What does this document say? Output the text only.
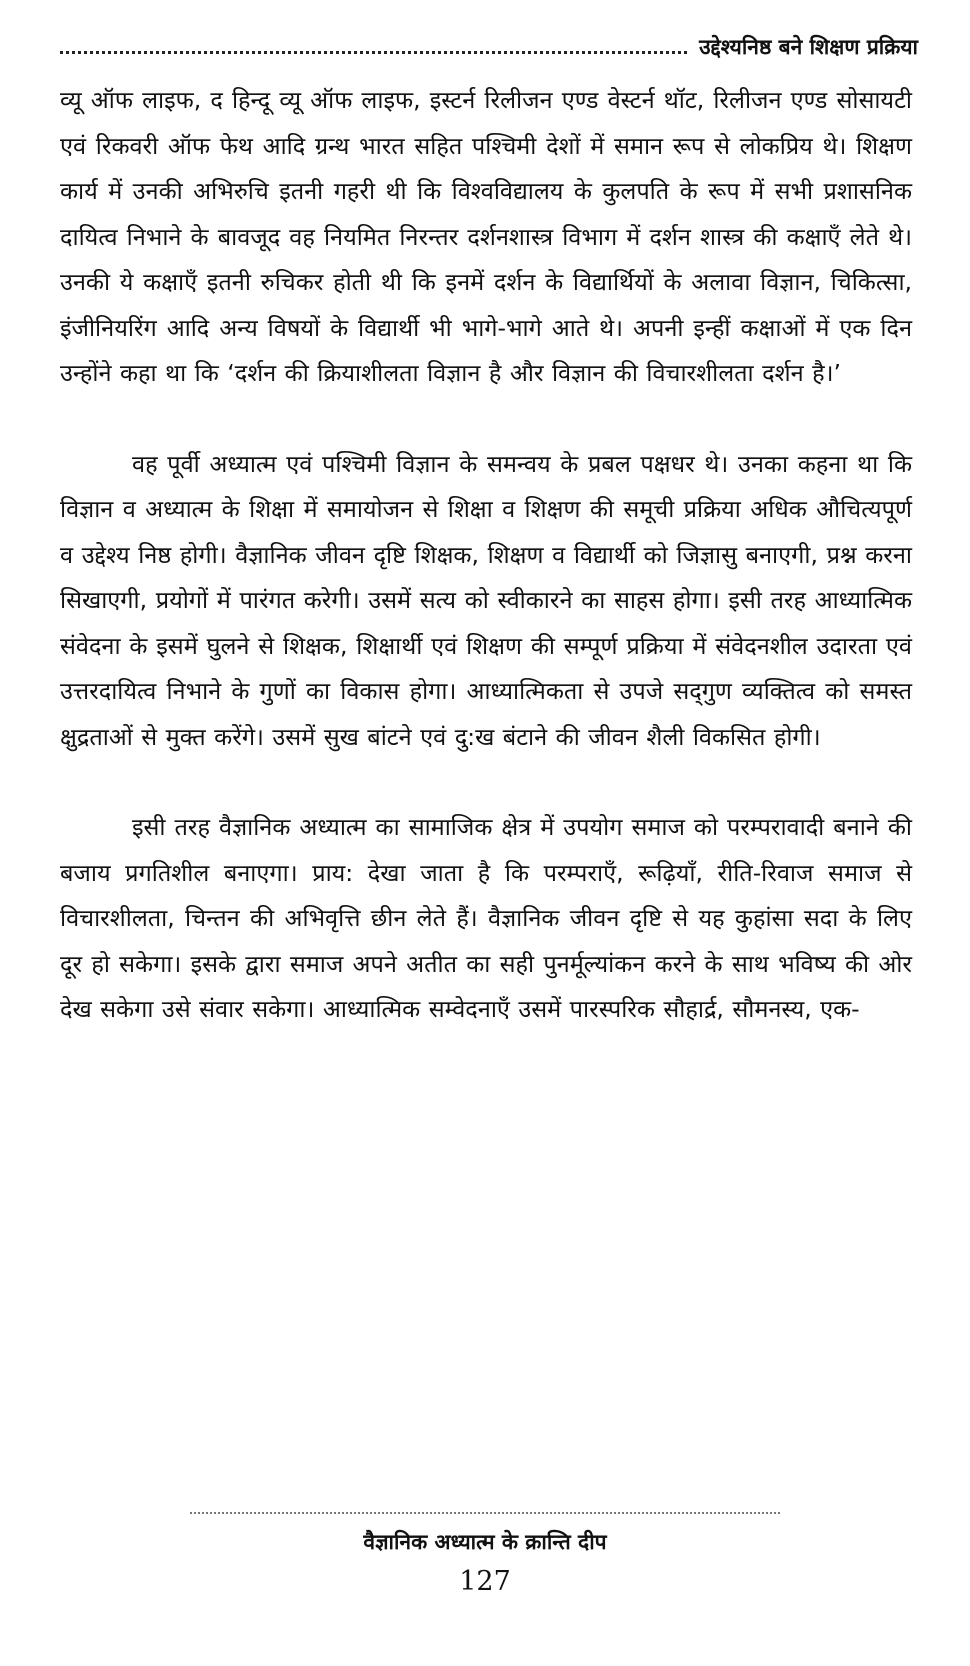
उद्देश्यनिष्ठ बने शिक्षण प्रक्रिया

व्यू ऑफ लाइफ, द हिन्दू व्यू ऑफ लाइफ, इस्टर्न रिलीजन एण्ड वेस्टर्न थॉट, रिलीजन एण्ड सोसायटी एवं रिकवरी ऑफ फेथ आदि ग्रन्थ भारत सहित पश्चिमी देशों में समान रूप से लोकप्रिय थे। शिक्षण कार्य में उनकी अभिरुचि इतनी गहरी थी कि विश्वविद्यालय के कुलपति के रूप में सभी प्रशासनिक दायित्व निभाने के बावजूद वह नियमित निरन्तर दर्शनशास्त्र विभाग में दर्शन शास्त्र की कक्षाएँ लेते थे। उनकी ये कक्षाएँ इतनी रुचिकर होती थी कि इनमें दर्शन के विद्यार्थियों के अलावा विज्ञान, चिकित्सा, इंजीनियरिंग आदि अन्य विषयों के विद्यार्थी भी भागे-भागे आते थे। अपनी इन्हीं कक्षाओं में एक दिन उन्होंने कहा था कि ‘दर्शन की क्रियाशीलता विज्ञान है और विज्ञान की विचारशीलता दर्शन है।’

वह पूर्वी अध्यात्म एवं पश्चिमी विज्ञान के समन्वय के प्रबल पक्षधर थे। उनका कहना था कि विज्ञान व अध्यात्म के शिक्षा में समायोजन से शिक्षा व शिक्षण की समूची प्रक्रिया अधिक औचित्यपूर्ण व उद्देश्य निष्ठ होगी। वैज्ञानिक जीवन दृष्टि शिक्षक, शिक्षण व विद्यार्थी को जिज्ञासु बनाएगी, प्रश्न करना सिखाएगी, प्रयोगों में पारंगत करेगी। उसमें सत्य को स्वीकारने का साहस होगा। इसी तरह आध्यात्मिक संवेदना के इसमें घुलने से शिक्षक, शिक्षार्थी एवं शिक्षण की सम्पूर्ण प्रक्रिया में संवेदनशील उदारता एवं उत्तरदायित्व निभाने के गुणों का विकास होगा। आध्यात्मिकता से उपजे सद्‌गुण व्यक्तित्व को समस्त क्षुद्रताओं से मुक्त करेंगे। उसमें सुख बांटने एवं दु:ख बंटाने की जीवन शैली विकसित होगी।

इसी तरह वैज्ञानिक अध्यात्म का सामाजिक क्षेत्र में उपयोग समाज को परम्परावादी बनाने की बजाय प्रगतिशील बनाएगा। प्राय: देखा जाता है कि परम्पराएँ, रूढ़ियाँ, रीति-रिवाज समाज से विचारशीलता, चिन्तन की अभिवृत्ति छीन लेते हैं। वैज्ञानिक जीवन दृष्टि से यह कुहांसा सदा के लिए दूर हो सकेगा। इसके द्वारा समाज अपने अतीत का सही पुनर्मूल्यांकन करने के साथ भविष्य की ओर देख सकेगा उसे संवार सकेगा। आध्यात्मिक सम्वेदनाएँ उसमें पारस्परिक सौहार्द्र, सौमनस्य, एक-

वैज्ञानिक अध्यात्म के क्रान्ति दीप
127
